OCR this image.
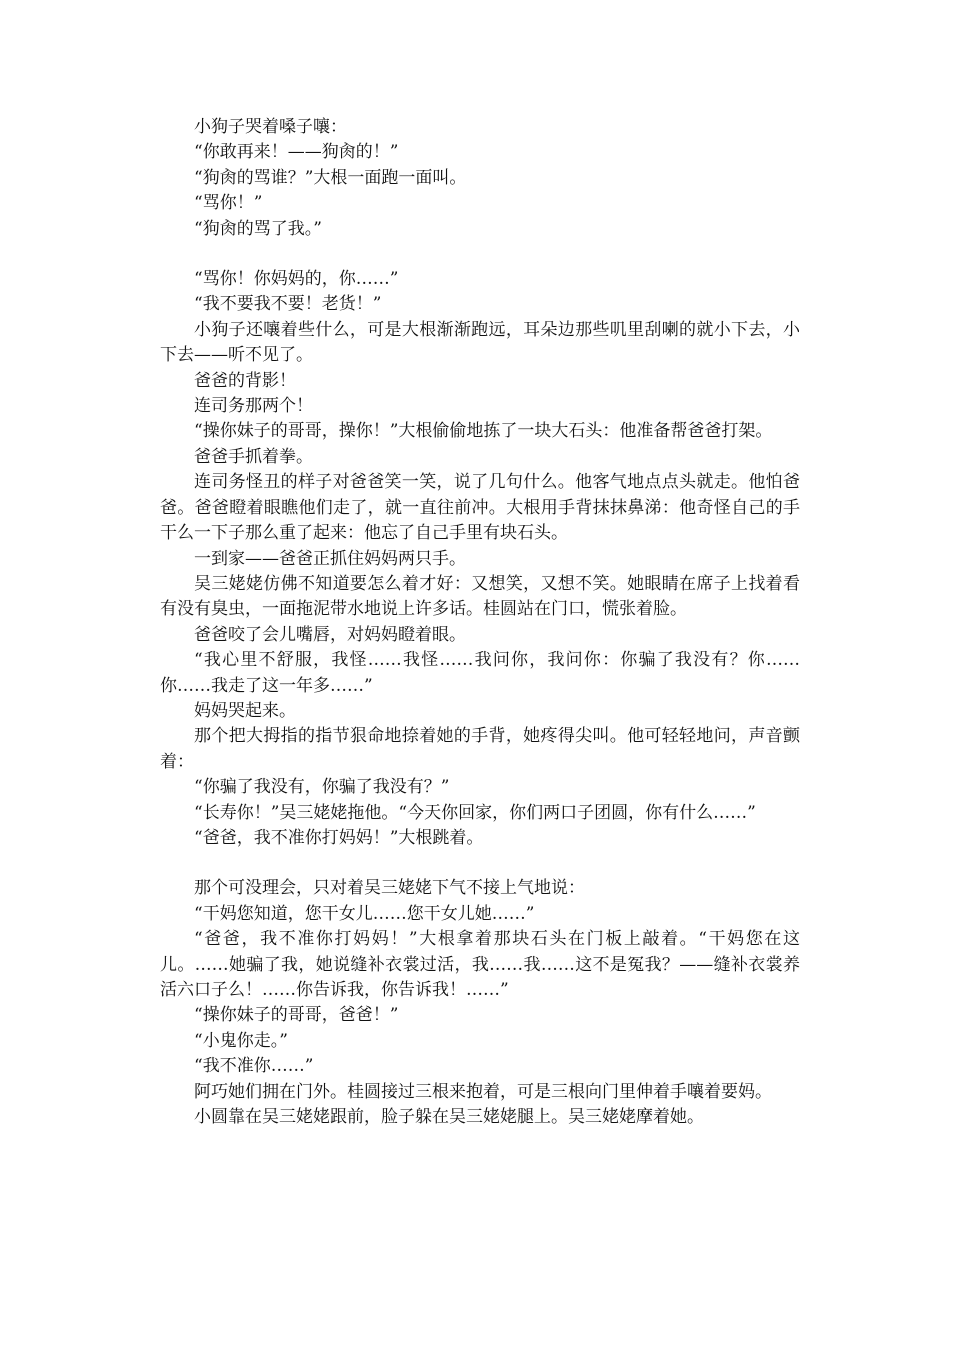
小狗子哭着嗓子嚷：

“你敢再来！——狗肏的！”

“狗肏的骂谁？”大根一面跑一面叫。

“骂你！”

“狗肏的骂了我。”

“骂你！你妈妈的，你……”

“我不要我不要！老货！”

小狗子还嚷着些什么，可是大根渐渐跑远，耳朵边那些叽里刮喇的就小下去，小下去——听不见了。

爸爸的背影！

连司务那两个！

“操你妹子的哥哥，操你！”大根偷偷地拣了一块大石头：他准备帮爸爸打架。

爸爸手抓着拳。

连司务怪丑的样子对爸爸笑一笑，说了几句什么。他客气地点点头就走。他怕爸爸。爸爸瞪着眼瞧他们走了，就一直往前冲。大根用手背抹抹鼻涕：他奇怪自己的手干么一下子那么重了起来：他忘了自己手里有块石头。

一到家——爸爸正抓住妈妈两只手。

吴三姥姥仿佛不知道要怎么着才好：又想笑，又想不笑。她眼睛在席子上找着看有没有臭虫，一面拖泥带水地说上许多话。桂圆站在门口，慌张着脸。

爸爸咬了会儿嘴唇，对妈妈瞪着眼。

“我心里不舒服，我怪……我怪……我问你，我问你：你骗了我没有？你……你……我走了这一年多……”

妈妈哭起来。

那个把大拇指的指节狠命地捺着她的手背，她疼得尖叫。他可轻轻地问，声音颤着：

“你骗了我没有，你骗了我没有？”

“长寿你！”吴三姥姥拖他。“今天你回家，你们两口子团圆，你有什么……”

“爸爸，我不准你打妈妈！”大根跳着。

那个可没理会，只对着吴三姥姥下气不接上气地说：

“干妈您知道，您干女儿……您干女儿她……”

“爸爸，我不准你打妈妈！”大根拿着那块石头在门板上敲着。“干妈您在这儿。……她骗了我，她说缝补衣裳过活，我……我……这不是冤我？——缝补衣裳养活六口子么！……你告诉我，你告诉我！……”

“操你妹子的哥哥，爸爸！”

“小鬼你走。”

“我不准你……”

阿巧她们拥在门外。桂圆接过三根来抱着，可是三根向门里伸着手嚷着要妈。

小圆靠在吴三姥姥跟前，脸子躲在吴三姥姥腿上。吴三姥姥摩着她。
